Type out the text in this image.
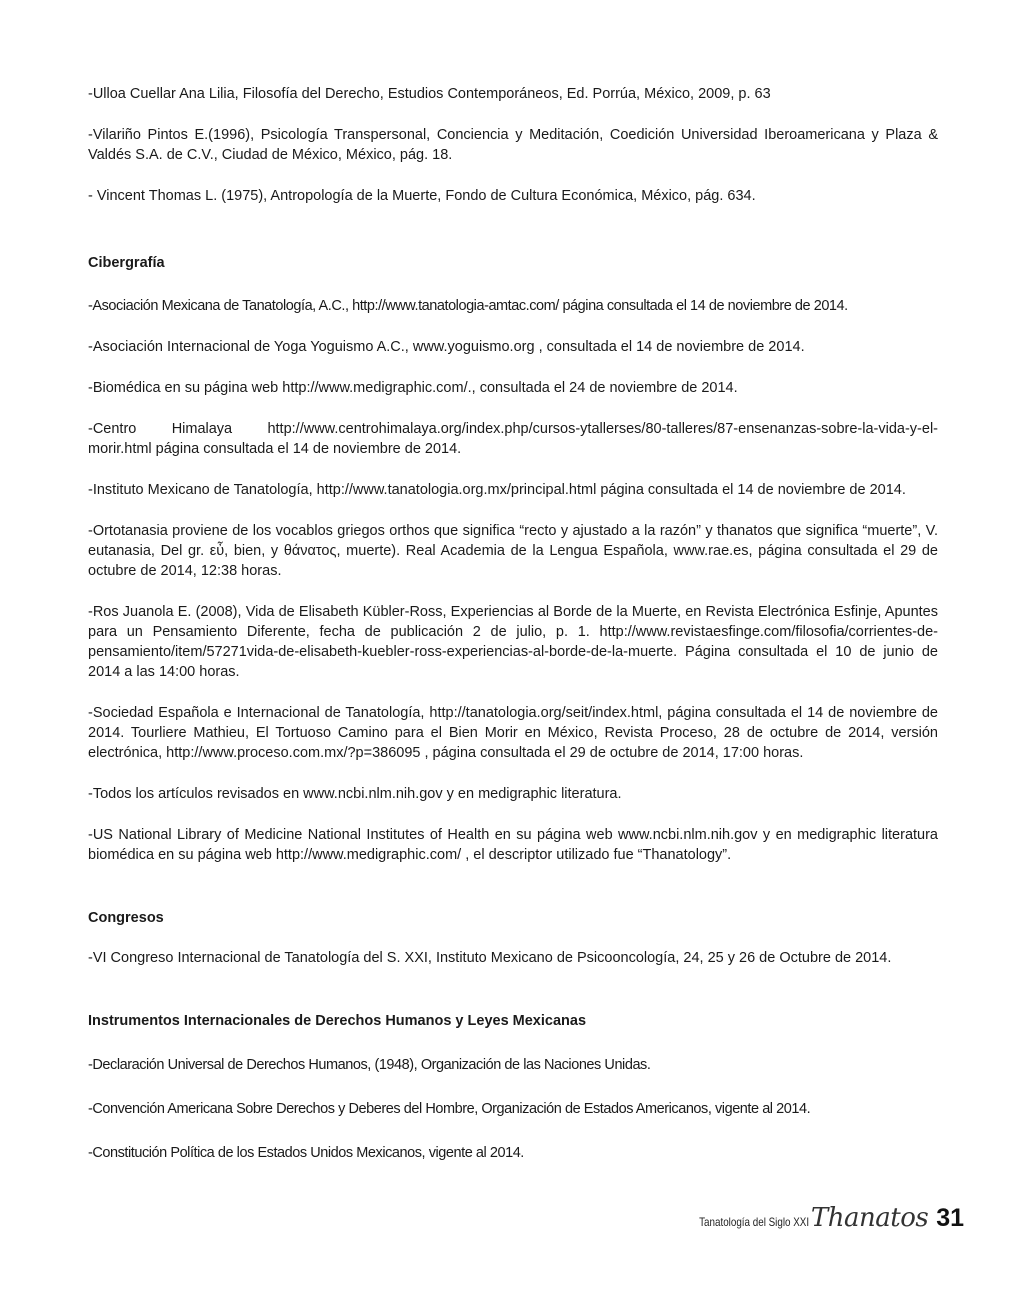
-Ulloa Cuellar Ana Lilia, Filosofía del Derecho, Estudios Contemporáneos, Ed. Porrúa, México, 2009, p. 63

-Vilariño Pintos E.(1996), Psicología Transpersonal, Conciencia y Meditación, Coedición Universidad Iberoamericana y Plaza & Valdés S.A. de C.V., Ciudad de México, México, pág. 18.

- Vincent Thomas L. (1975), Antropología de la Muerte, Fondo de Cultura Económica, México, pág. 634.

Cibergrafía

-Asociación Mexicana de Tanatología, A.C., http://www.tanatologia-amtac.com/ página consultada el 14 de noviembre de 2014.

-Asociación Internacional de Yoga Yoguismo A.C., www.yoguismo.org , consultada el 14 de noviembre de 2014.

-Biomédica en su página web http://www.medigraphic.com/., consultada el 24 de noviembre de 2014.

-Centro Himalaya http://www.centrohimalaya.org/index.php/cursos-ytallerses/80-talleres/87-ensenanzas-sobre-la-vida-y-el-morir.html página consultada el 14 de noviembre de 2014.

-Instituto Mexicano de Tanatología, http://www.tanatologia.org.mx/principal.html página consultada el 14 de noviembre de 2014.

-Ortotanasia proviene de los vocablos griegos orthos que significa “recto y ajustado a la razón” y thanatos que significa “muerte”, V. eutanasia, Del gr. εὖ, bien, y θάνατος, muerte). Real Academia de la Lengua Española, www.rae.es, página consultada el 29 de octubre de 2014, 12:38 horas.

-Ros Juanola E. (2008), Vida de Elisabeth Kübler-Ross, Experiencias al Borde de la Muerte, en Revista Electrónica Esfinje, Apuntes para un Pensamiento Diferente, fecha de publicación 2 de julio, p. 1. http://www.revistaesfinge.com/filosofia/corrientes-de-pensamiento/item/57271vida-de-elisabeth-kuebler-ross-experiencias-al-borde-de-la-muerte. Página consultada el 10 de junio de 2014 a las 14:00 horas.

-Sociedad Española e Internacional de Tanatología, http://tanatologia.org/seit/index.html, página consultada el 14 de noviembre de 2014. Tourliere Mathieu, El Tortuoso Camino para el Bien Morir en México, Revista Proceso, 28 de octubre de 2014, versión electrónica, http://www.proceso.com.mx/?p=386095 , página consultada el 29 de octubre de 2014, 17:00 horas.

-Todos los artículos revisados en www.ncbi.nlm.nih.gov y en medigraphic literatura.

-US National Library of Medicine National Institutes of Health en su página web www.ncbi.nlm.nih.gov y en medigraphic literatura biomédica en su página web http://www.medigraphic.com/ , el descriptor utilizado fue “Thanatology”.

Congresos

-VI Congreso Internacional de Tanatología del S. XXI, Instituto Mexicano de Psicooncología, 24, 25 y 26 de Octubre de 2014.

Instrumentos Internacionales de Derechos Humanos y Leyes Mexicanas

-Declaración Universal de Derechos Humanos, (1948), Organización de las Naciones Unidas.

-Convención Americana Sobre Derechos y Deberes del Hombre, Organización de Estados Americanos, vigente al 2014.

-Constitución Política de los Estados Unidos Mexicanos, vigente al 2014.

Tanatología del Siglo XXI Thanatos 31
